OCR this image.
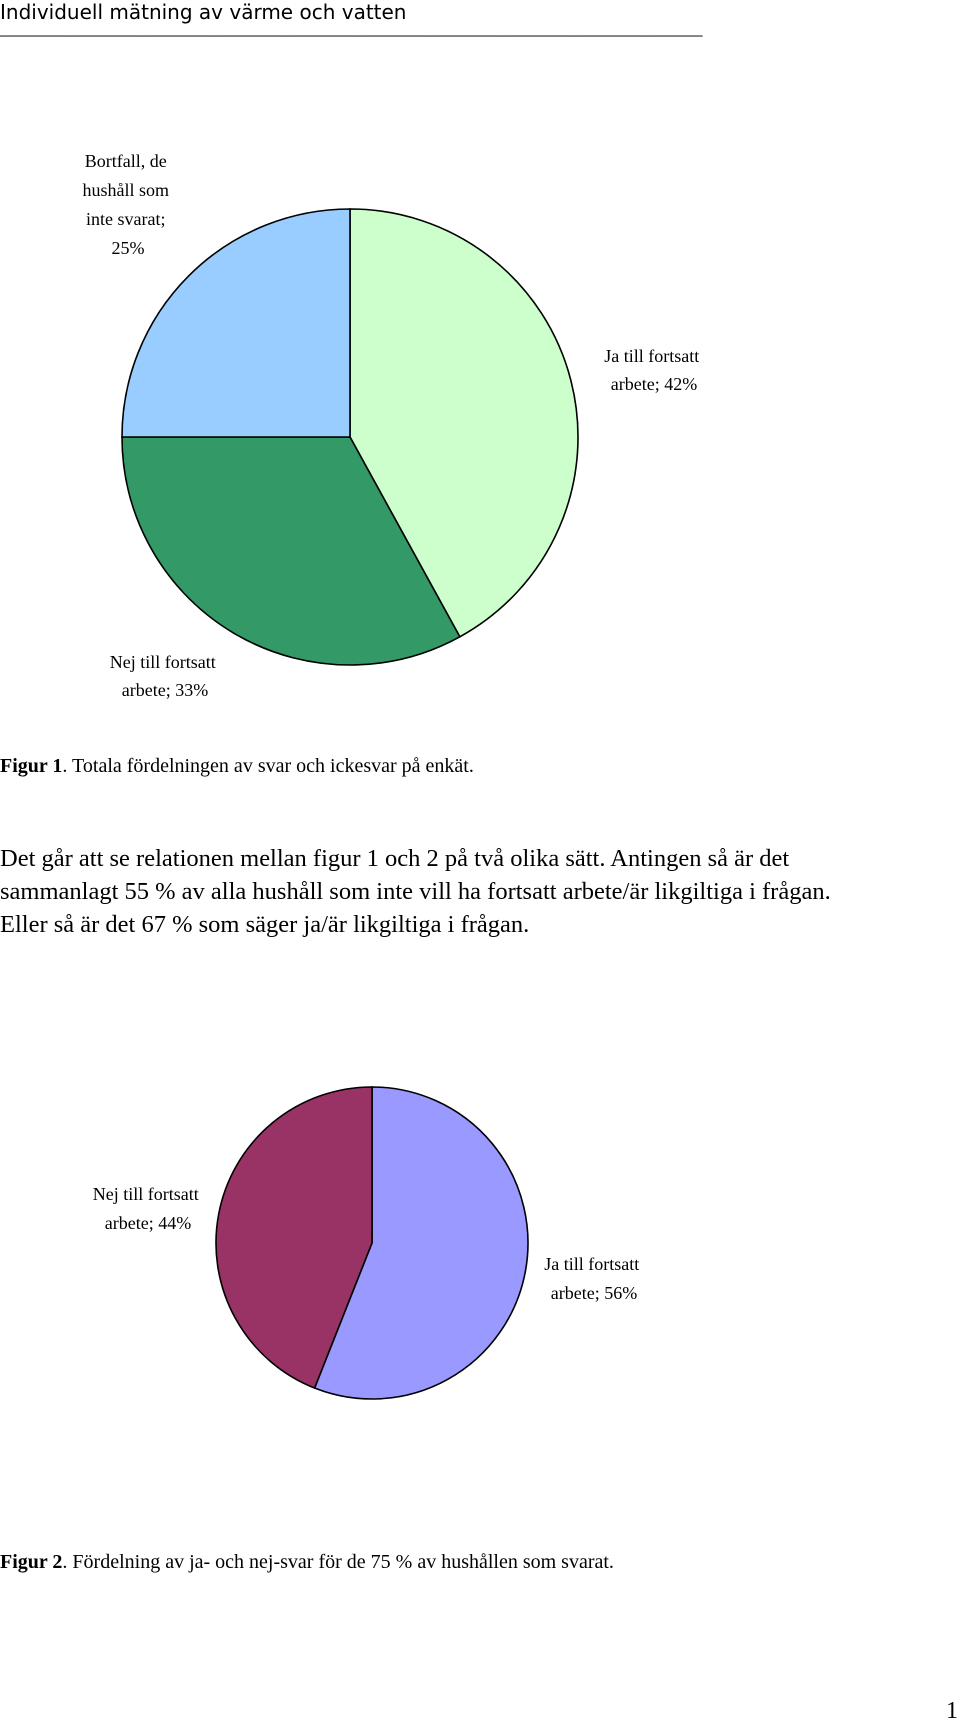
Individuell mätning av värme och vatten
______________________________________________________________________________
Ja till fortsatt arbete; 42%
Nej till fortsatt arbete; 33%
Bortfall, de hushåll som inte svarat; 25%
Figur 1. Totala fördelningen av svar och ickesvar på enkät.

Det går att se relationen mellan figur 1 och 2 på två olika sätt. Antingen så är det

sammanlagt 55 % av alla hushåll som inte vill ha fortsatt arbete/är likgiltiga i frågan.

Eller så är det 67 % som säger ja/är likgiltiga i frågan.

Nej till fortsatt arbete; 44%
Ja till fortsatt arbete; 56%
Figur 2. Fördelning av ja- och nej-svar för de 75 % av hushållen som svarat.
1
